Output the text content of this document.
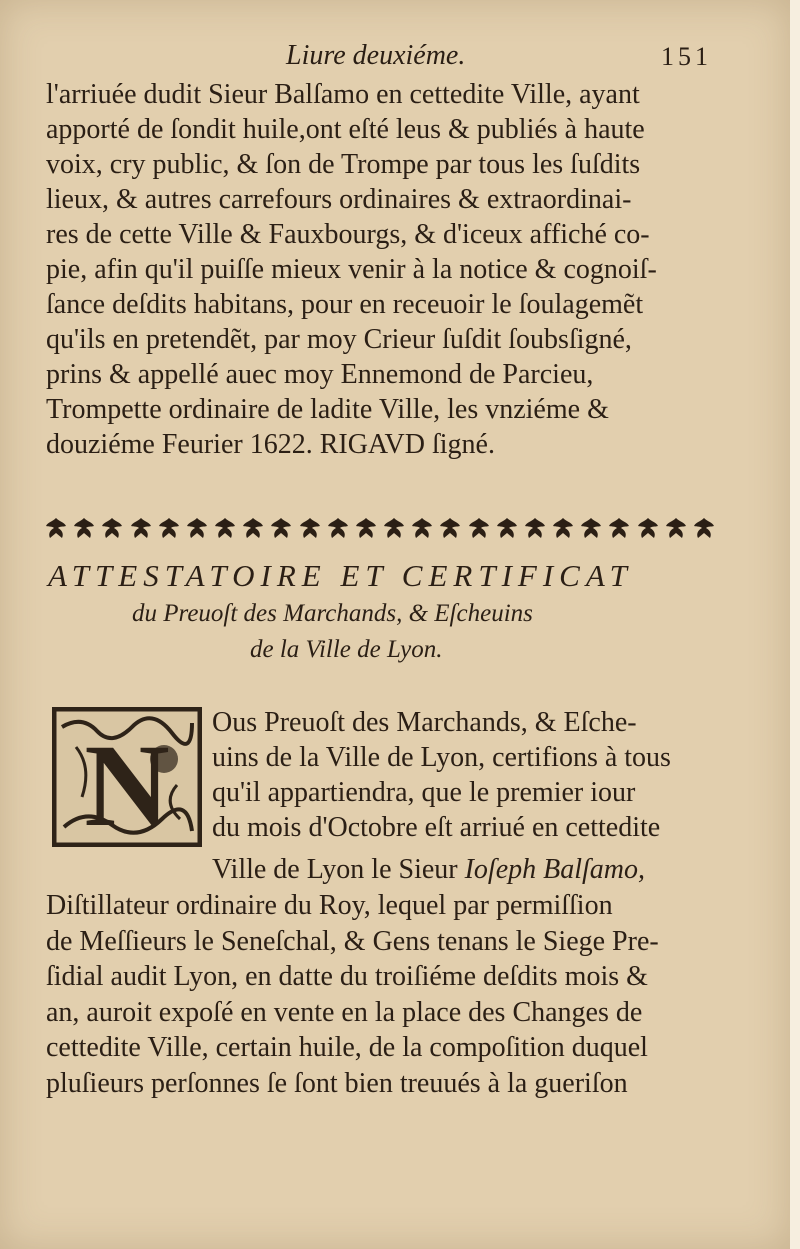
Liure deuxiéme.	151
l'arriuée dudit Sieur Balſamo en cettedite Ville, ayant
apporté de ſondit huile,ont eſté leus & publiés à haute
voix, cry public, & ſon de Trompe par tous les ſuſdits
lieux, & autres carrefours ordinaires & extraordinai-
res de cette Ville & Fauxbourgs, & d'iceux affiché co-
pie, afin qu'il puiſſe mieux venir à la notice & cognoiſ-
ſance deſdits habitans, pour en receuoir le ſoulagemẽt
qu'ils en pretendẽt, par moy Crieur ſuſdit ſoubsſigné,
prins & appellé auec moy Ennemond de Parcieu,
Trompette ordinaire de ladite Ville, les vnziéme &
douziéme Feurier 1622. RIGAVD ſigné.
ATTESTATOIRE ET CERTIFICAT
du Preuoſt des Marchands, & Eſcheuins
de la Ville de Lyon.
N Ous Preuoſt des Marchands, & Eſche-
uins de la Ville de Lyon, certifions à tous
qu'il appartiendra, que le premier iour
du mois d'Octobre eſt arriué en cettedite
Ville de Lyon le Sieur Ioſeph Balſamo,
Diſtillateur ordinaire du Roy, lequel par permiſſion
de Meſſieurs le Seneſchal, & Gens tenans le Siege Pre-
ſidial audit Lyon, en datte du troiſiéme deſdits mois &
an, auroit expoſé en vente en la place des Changes de
cettedite Ville, certain huile, de la compoſition duquel
pluſieurs perſonnes ſe ſont bien treuués à la gueriſon
